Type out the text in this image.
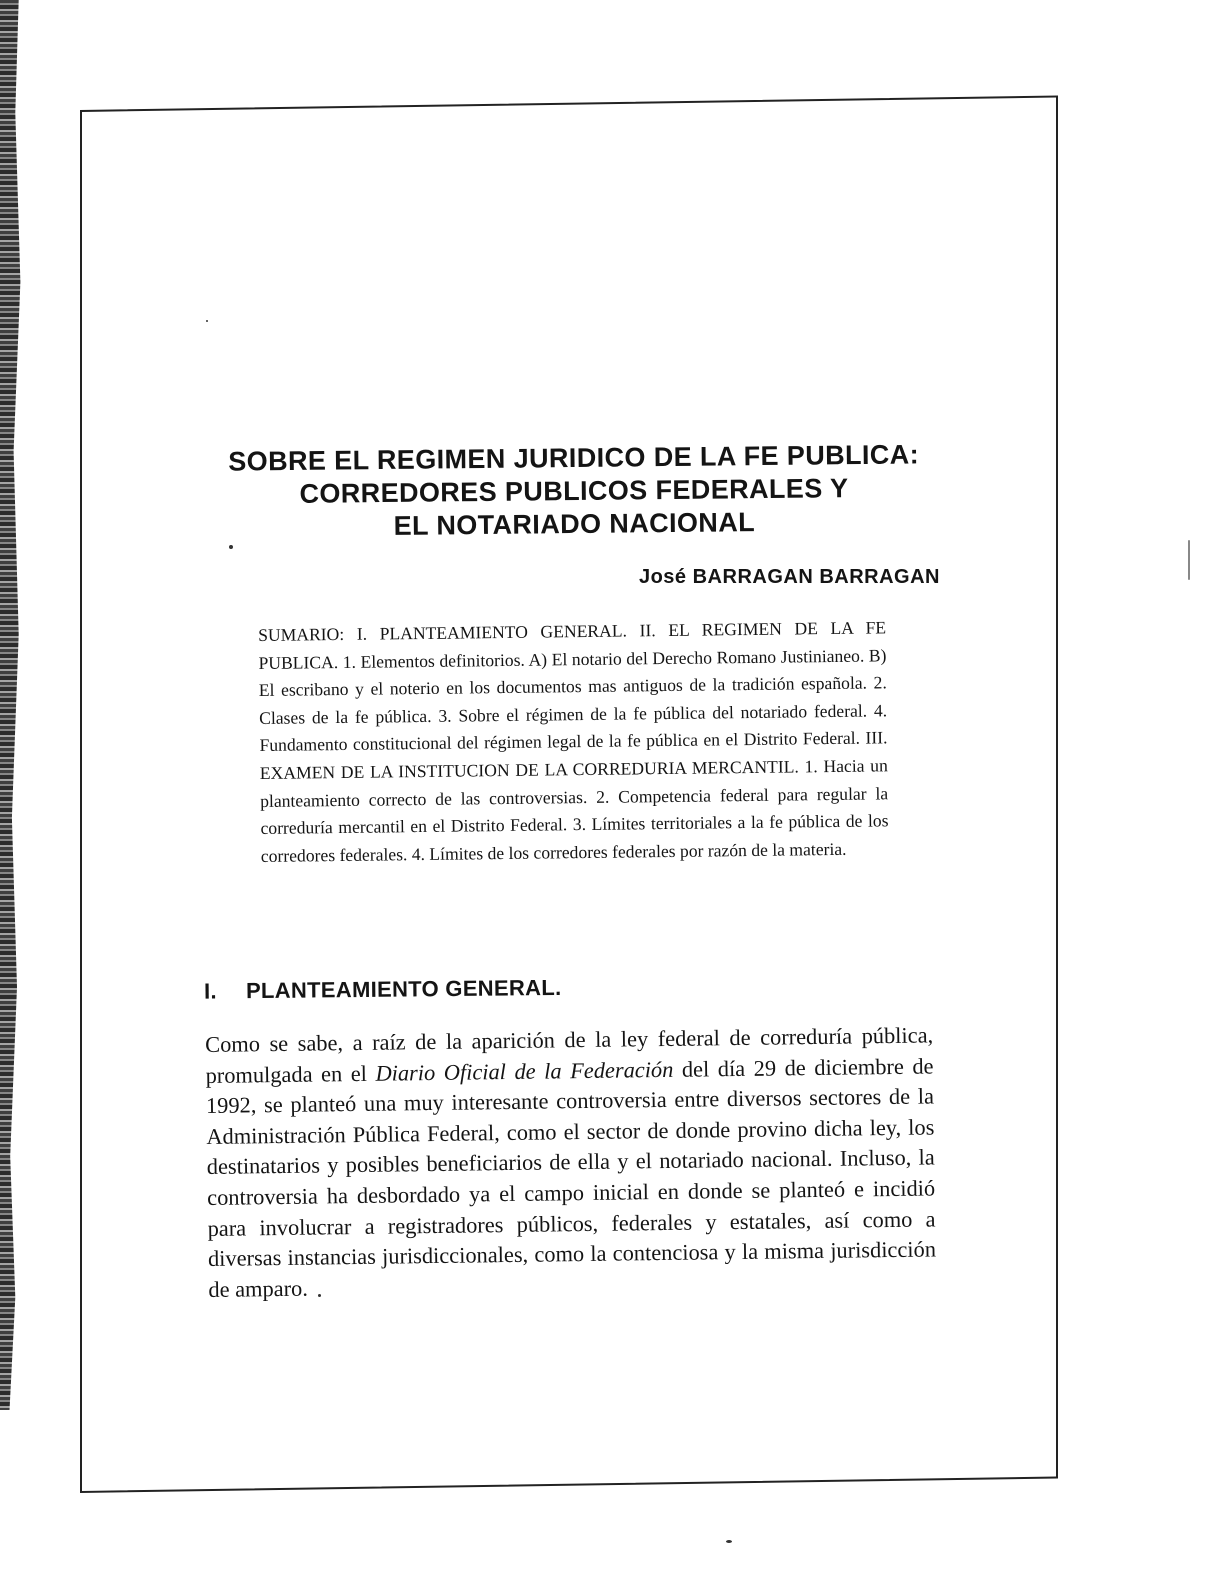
SOBRE EL REGIMEN JURIDICO DE LA FE PUBLICA:
CORREDORES PUBLICOS FEDERALES Y
EL NOTARIADO NACIONAL
José BARRAGAN BARRAGAN
SUMARIO: I. PLANTEAMIENTO GENERAL. II. EL REGIMEN DE LA FE PUBLICA. 1. Elementos definitorios. A) El notario del Derecho Romano Justinianeo. B) El escribano y el noterio en los documentos mas antiguos de la tradición española. 2. Clases de la fe pública. 3. Sobre el régimen de la fe pública del notariado federal. 4. Fundamento constitucional del régimen legal de la fe pública en el Distrito Federal. III. EXAMEN DE LA INSTITUCION DE LA CORREDURIA MERCANTIL. 1. Hacia un planteamiento correcto de las controversias. 2. Competencia federal para regular la correduría mercantil en el Distrito Federal. 3. Límites territoriales a la fe pública de los corredores federales. 4. Límites de los corredores federales por razón de la materia.
I. PLANTEAMIENTO GENERAL.
Como se sabe, a raíz de la aparición de la ley federal de correduría pública, promulgada en el Diario Oficial de la Federación del día 29 de diciembre de 1992, se planteó una muy interesante controversia entre diversos sectores de la Administración Pública Federal, como el sector de donde provino dicha ley, los destinatarios y posibles beneficiarios de ella y el notariado nacional. Incluso, la controversia ha desbordado ya el campo inicial en donde se planteó e incidió para involucrar a registradores públicos, federales y estatales, así como a diversas instancias jurisdiccionales, como la contenciosa y la misma jurisdicción de amparo.
